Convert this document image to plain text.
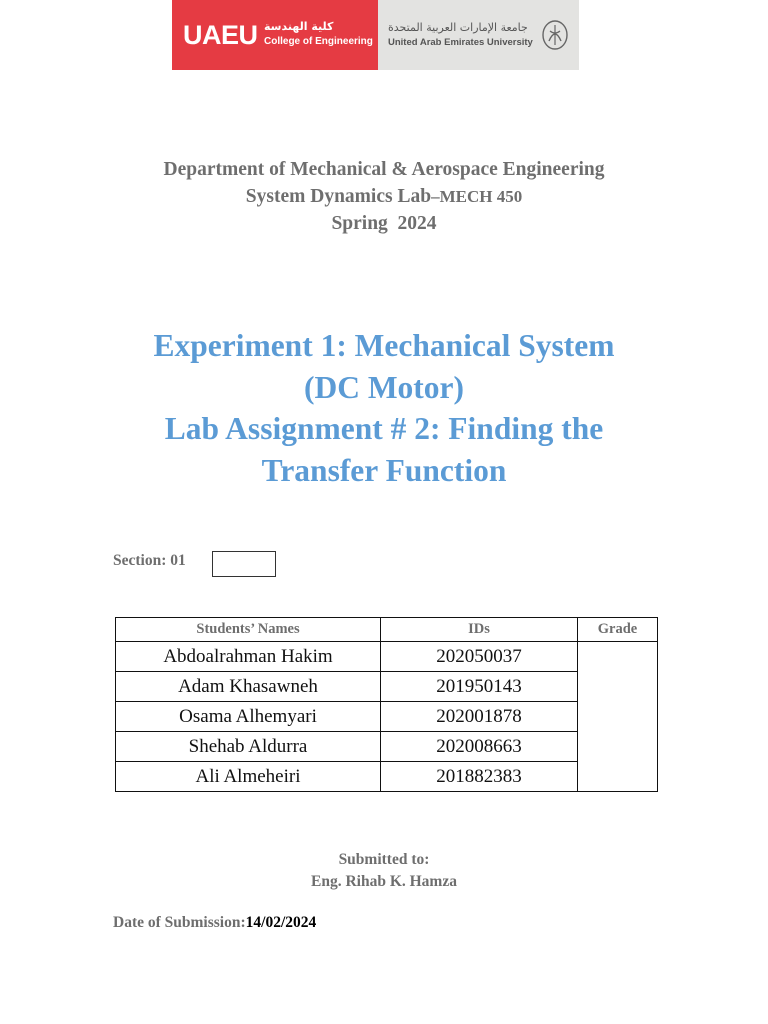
UAEU كلية الهندسة
College of Engineering
جامعة الإمارات العربية المتحدة
United Arab Emirates University
Department of Mechanical & Aerospace Engineering
System Dynamics Lab–MECH 450
Spring  2024
Experiment 1: Mechanical System
(DC Motor)
Lab Assignment # 2: Finding the
Transfer Function
Section: 01
Students’ Names	IDs	Grade
Abdoalrahman Hakim	202050037	
Adam Khasawneh	201950143	
Osama Alhemyari	202001878	
Shehab Aldurra	202008663	
Ali Almeheiri	201882383	
Submitted to:
Eng. Rihab K. Hamza
Date of Submission:14/02/2024
